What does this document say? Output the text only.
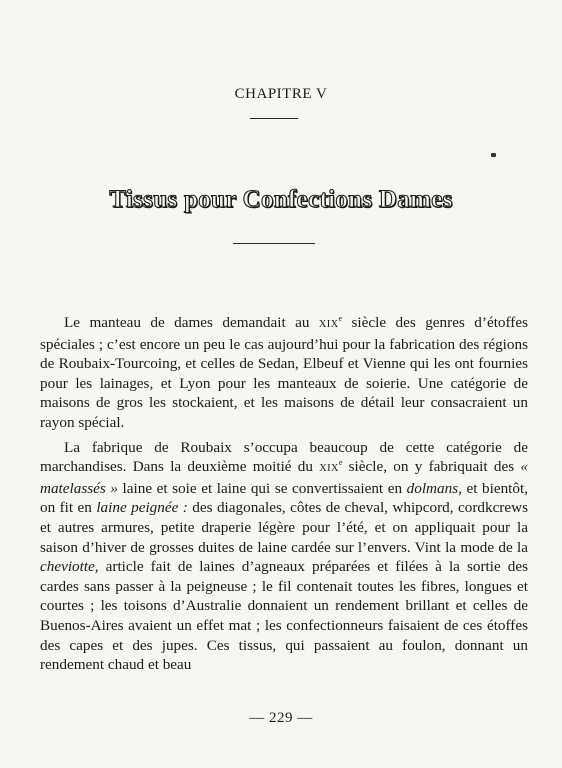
CHAPITRE V
Tissus pour Confections Dames

Le manteau de dames demandait au XIXe siècle des genres d’étoffes spéciales ; c’est encore un peu le cas aujourd’hui pour la fabrication des régions de Roubaix-Tourcoing, et celles de Sedan, Elbeuf et Vienne qui les ont fournies pour les lainages, et Lyon pour les manteaux de soierie. Une catégorie de maisons de gros les stockaient, et les maisons de détail leur consacraient un rayon spécial.

La fabrique de Roubaix s’occupa beaucoup de cette catégorie de marchandises. Dans la deuxième moitié du XIXe siècle, on y fabriquait des « matelassés » laine et soie et laine qui se convertissaient en dolmans, et bientôt, on fit en laine peignée : des diagonales, côtes de cheval, whipcord, cordkcrews et autres armures, petite draperie légère pour l’été, et on appliquait pour la saison d’hiver de grosses duites de laine cardée sur l’envers. Vint la mode de la cheviotte, article fait de laines d’agneaux préparées et filées à la sortie des cardes sans passer à la peigneuse ; le fil contenait toutes les fibres, longues et courtes ; les toisons d’Australie donnaient un rendement brillant et celles de Buenos-Aires avaient un effet mat ; les confectionneurs faisaient de ces étoffes des capes et des jupes. Ces tissus, qui passaient au foulon, donnant un rendement chaud et beau

— 229 —
